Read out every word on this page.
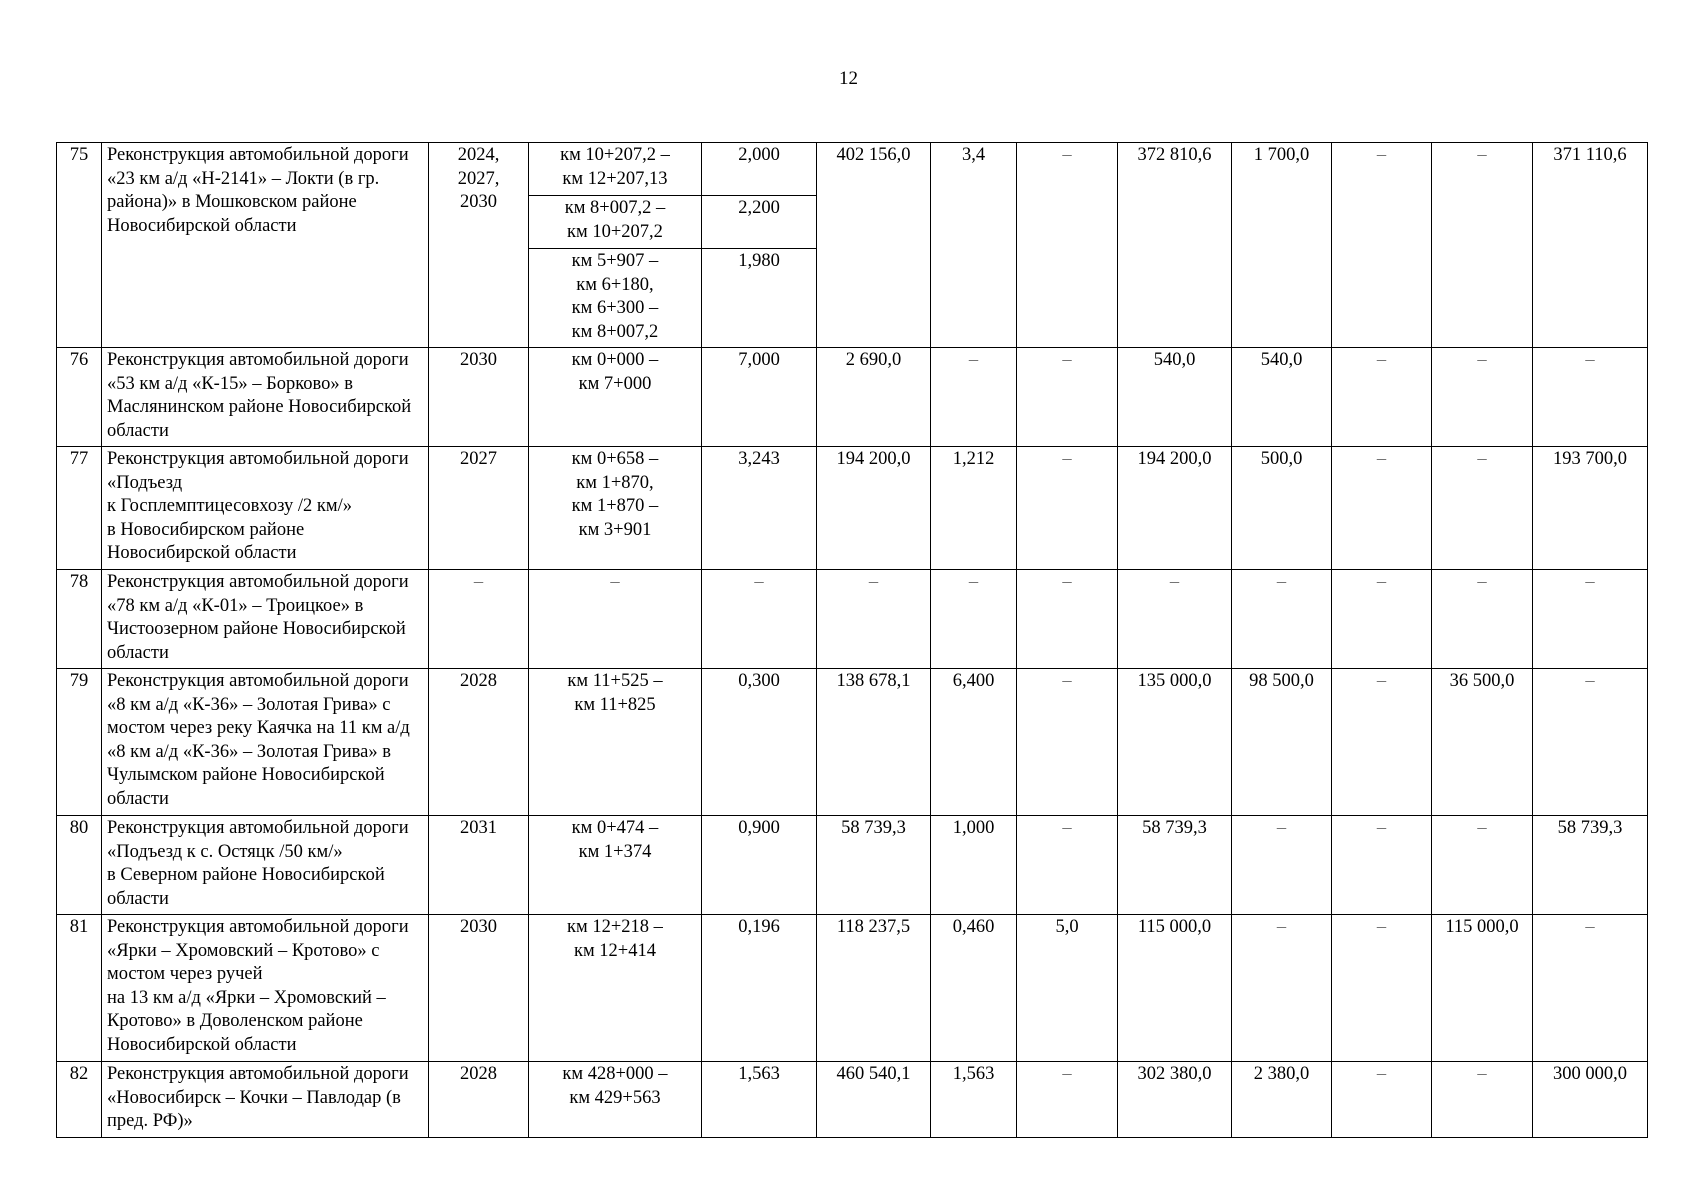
12
75	Реконструкция автомобильной дороги «23 км а/д «Н-2141» – Локти (в гр. района)» в Мошковском районе Новосибирской области	2024,
2027,
2030	км 10+207,2 –
км 12+207,13	2,000	402 156,0	3,4	–	372 810,6	1 700,0	–	–	371 110,6
			км 8+007,2 –
км 10+207,2	2,200								
			км 5+907 –
км 6+180,
км 6+300 –
км 8+007,2	1,980								
76	Реконструкция автомобильной дороги «53 км а/д «К-15» – Борково» в Маслянинском районе Новосибирской области	2030	км 0+000 –
км 7+000	7,000	2 690,0	–	–	540,0	540,0	–	–	–
77	Реконструкция автомобильной дороги «Подъезд
к Госплемптицесовхозу /2 км/»
в Новосибирском районе Новосибирской области	2027	км 0+658 –
км 1+870,
км 1+870 –
км 3+901	3,243	194 200,0	1,212	–	194 200,0	500,0	–	–	193 700,0
78	Реконструкция автомобильной дороги «78 км а/д «К-01» – Троицкое» в Чистоозерном районе Новосибирской области	–	–	–	–	–	–	–	–	–	–	–
79	Реконструкция автомобильной дороги «8 км а/д «К-36» – Золотая Грива» с мостом через реку Каячка на 11 км а/д «8 км а/д «К-36» – Золотая Грива» в Чулымском районе Новосибирской области	2028	км 11+525 –
км 11+825	0,300	138 678,1	6,400	–	135 000,0	98 500,0	–	36 500,0	–
80	Реконструкция автомобильной дороги «Подъезд к с. Остяцк /50 км/»
в Северном районе Новосибирской области	2031	км 0+474 –
км 1+374	0,900	58 739,3	1,000	–	58 739,3	–	–	–	58 739,3
81	Реконструкция автомобильной дороги «Ярки – Хромовский – Кротово» с мостом через ручей
на 13 км а/д «Ярки – Хромовский – Кротово» в Доволенском районе Новосибирской области	2030	км 12+218 –
км 12+414	0,196	118 237,5	0,460	5,0	115 000,0	–	–	115 000,0	–
82	Реконструкция автомобильной дороги «Новосибирск – Кочки – Павлодар (в пред. РФ)»	2028	км 428+000 –
км 429+563	1,563	460 540,1	1,563	–	302 380,0	2 380,0	–	–	300 000,0
